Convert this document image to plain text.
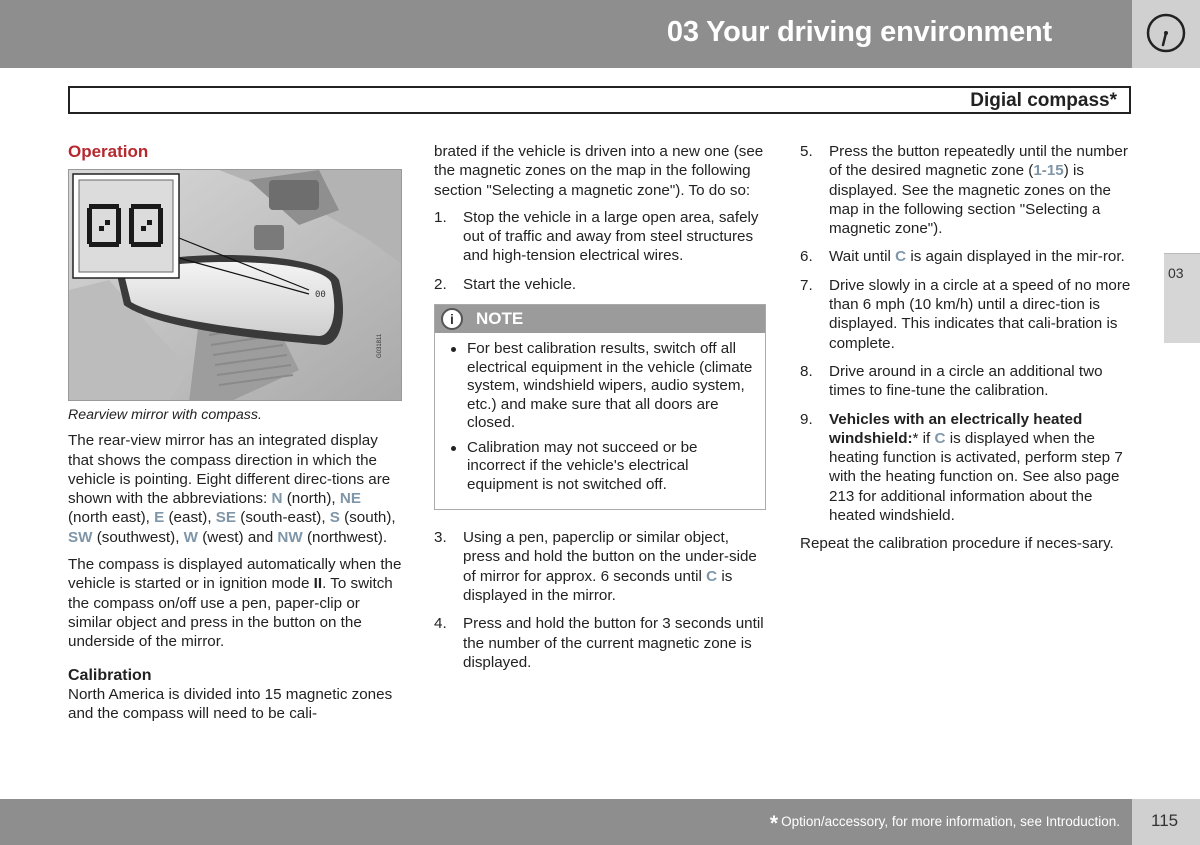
03 Your driving environment
Digial compass*
03
Operation
00
G031811

Rearview mirror with compass.

The rear-view mirror has an integrated display that shows the compass direction in which the vehicle is pointing. Eight different direc-tions are shown with the abbreviations: N (north), NE (north east), E (east), SE (south-east), S (south), SW (southwest), W (west) and NW (northwest).

The compass is displayed automatically when the vehicle is started or in ignition mode II. To switch the compass on/off use a pen, paper-clip or similar object and press in the button on the underside of the mirror.

Calibration

North America is divided into 15 magnetic zones and the compass will need to be cali-

brated if the vehicle is driven into a new one (see the magnetic zones on the map in the following section "Selecting a magnetic zone"). To do so:

1. Stop the vehicle in a large open area, safely out of traffic and away from steel structures and high-tension electrical wires.
2. Start the vehicle.
i	NOTE
For best calibration results, switch off all electrical equipment in the vehicle (climate system, windshield wipers, audio system, etc.) and make sure that all doors are closed.
Calibration may not succeed or be incorrect if the vehicle's electrical equipment is not switched off.
3. Using a pen, paperclip or similar object, press and hold the button on the under-side of mirror for approx. 6 seconds until C is displayed in the mirror.
4. Press and hold the button for 3 seconds until the number of the current magnetic zone is displayed.
5. Press the button repeatedly until the number of the desired magnetic zone (1-15) is displayed. See the magnetic zones on the map in the following section "Selecting a magnetic zone").
6. Wait until C is again displayed in the mir-ror.
7. Drive slowly in a circle at a speed of no more than 6 mph (10 km/h) until a direc-tion is displayed. This indicates that cali-bration is complete.
8. Drive around in a circle an additional two times to fine-tune the calibration.
9. Vehicles with an electrically heated windshield:* if C is displayed when the heating function is activated, perform step 7 with the heating function on. See also page 213 for additional information about the heated windshield.

Repeat the calibration procedure if neces-sary.

* Option/accessory, for more information, see Introduction. 115
